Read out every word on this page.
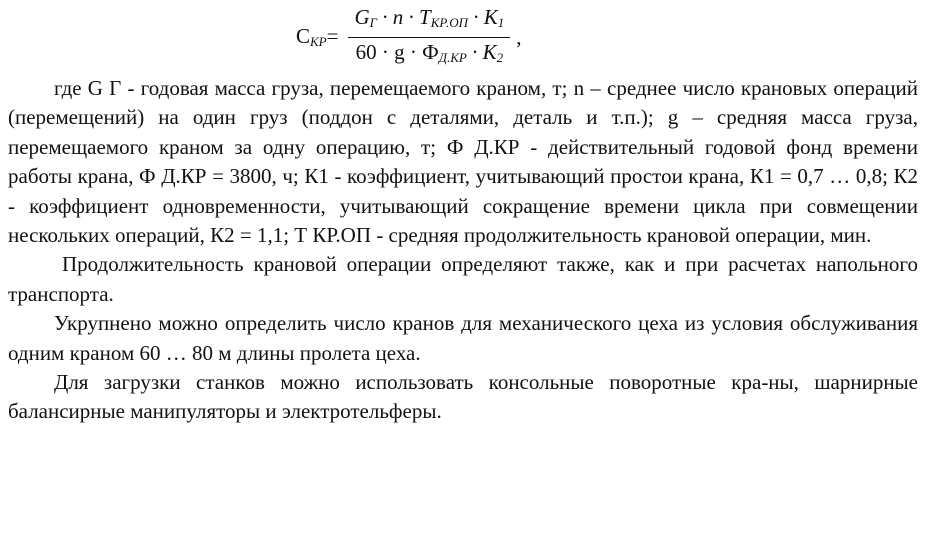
$С_{КР}= \frac{G_Г \cdot n \cdot T_{КР.ОП} \cdot K_1}{60 \cdot g \cdot Ф_{Д.КР} \cdot K_2}$ ,

где G Г - годовая масса груза, перемещаемого краном, т; n – среднее число крановых операций (перемещений) на один груз (поддон с деталями, деталь и т.п.); g – средняя масса груза, перемещаемого краном за одну операцию, т; Ф Д.КР - действительный годовой фонд времени работы крана, Ф Д.КР = 3800, ч; К1 - коэффициент, учитывающий простои крана, К1 = 0,7 … 0,8; К2 - коэффициент одновременности, учитывающий сокращение времени цикла при совмещении нескольких операций, К2 = 1,1; Т КР.ОП - средняя продолжительность крановой операции, мин.

Продолжительность крановой операции определяют также, как и при расчетах напольного транспорта.

Укрупнено можно определить число кранов для механического цеха из условия обслуживания одним краном 60 … 80 м длины пролета цеха.

Для загрузки станков можно использовать консольные поворотные кра-ны, шарнирные балансирные манипуляторы и электротельферы.
